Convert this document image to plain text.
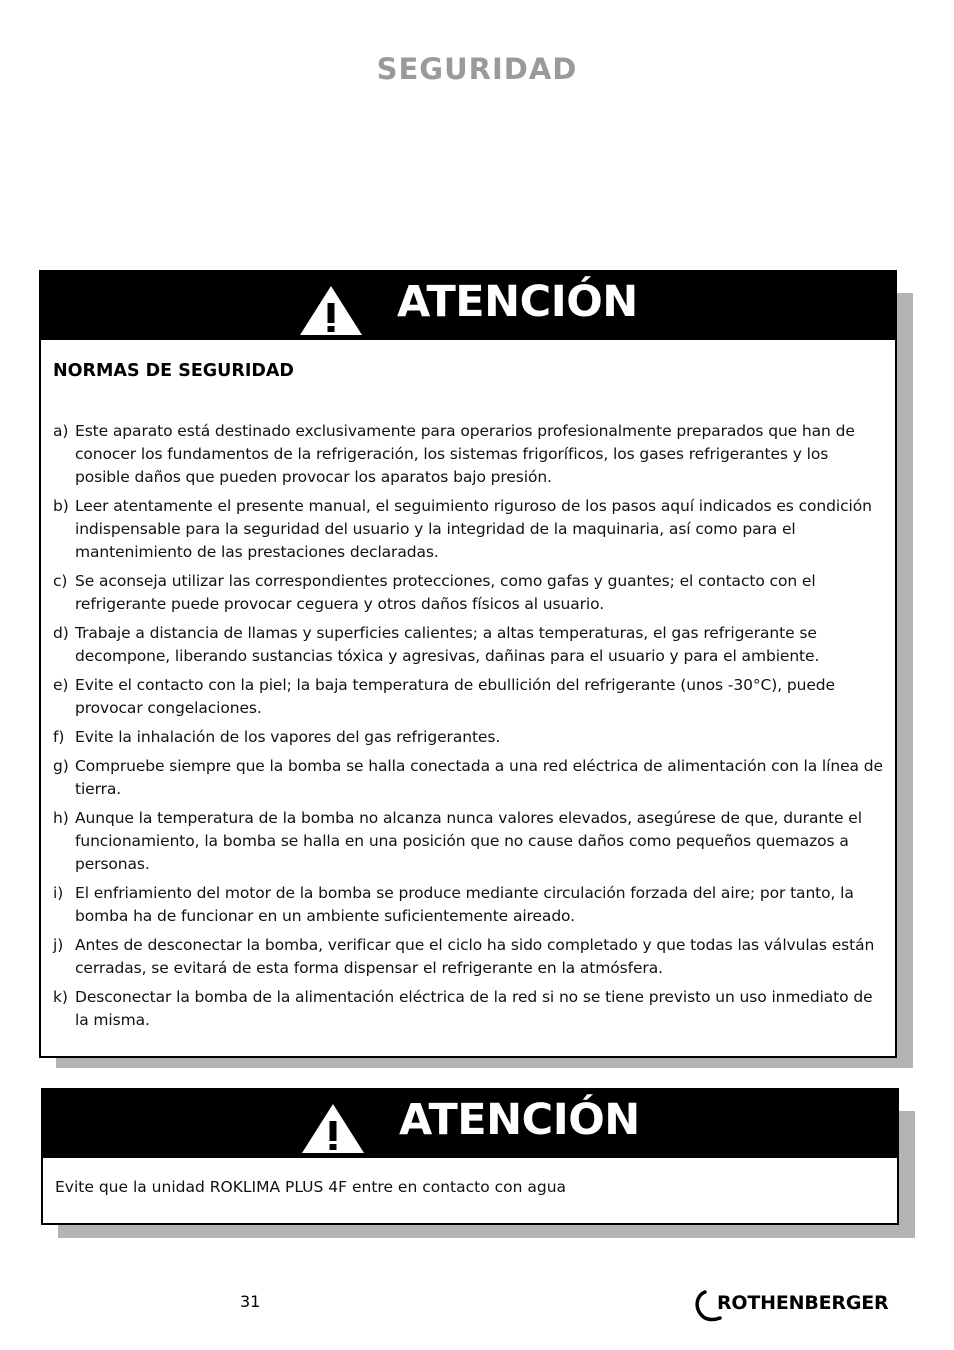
SEGURIDAD
ATENCIÓN
NORMAS DE SEGURIDAD
a) Este aparato está destinado exclusivamente para operarios profesionalmente preparados que han de conocer los fundamentos de la refrigeración, los sistemas frigoríficos, los gases refrigerantes y los posible daños que pueden provocar los aparatos bajo presión.
b) Leer atentamente el presente manual, el seguimiento riguroso de los pasos aquí indicados es condición indispensable para la seguridad del usuario y la integridad de la maquinaria, así como para el mantenimiento de las prestaciones declaradas.
c) Se aconseja utilizar las correspondientes protecciones, como gafas y guantes; el contacto con el refrigerante puede provocar ceguera y otros daños físicos al usuario.
d) Trabaje a distancia de llamas y superficies calientes; a altas temperaturas, el gas refrigerante se decompone, liberando sustancias tóxica y agresivas, dañinas para el usuario y para el ambiente.
e) Evite el contacto con la piel; la baja temperatura de ebullición del refrigerante (unos -30°C), puede provocar congelaciones.
f) Evite la inhalación de los vapores del gas refrigerantes.
g) Compruebe siempre que la bomba se halla conectada a una red eléctrica de alimentación con la línea de tierra.
h) Aunque la temperatura de la bomba no alcanza nunca valores elevados, asegúrese de que, durante el funcionamiento, la bomba se halla en una posición que no cause daños como pequeños quemazos a personas.
i) El enfriamiento del motor de la bomba se produce mediante circulación forzada del aire; por tanto, la bomba ha de funcionar en un ambiente suficientemente aireado.
j) Antes de desconectar la bomba, verificar que el ciclo ha sido completado y que todas las válvulas están cerradas, se evitará de esta forma dispensar el refrigerante en la atmósfera.
k) Desconectar la bomba de la alimentación eléctrica de la red si no se tiene previsto un uso inmediato de la misma.
ATENCIÓN
Evite que la unidad ROKLIMA PLUS 4F entre en contacto con agua
31	ROTHENBERGER
